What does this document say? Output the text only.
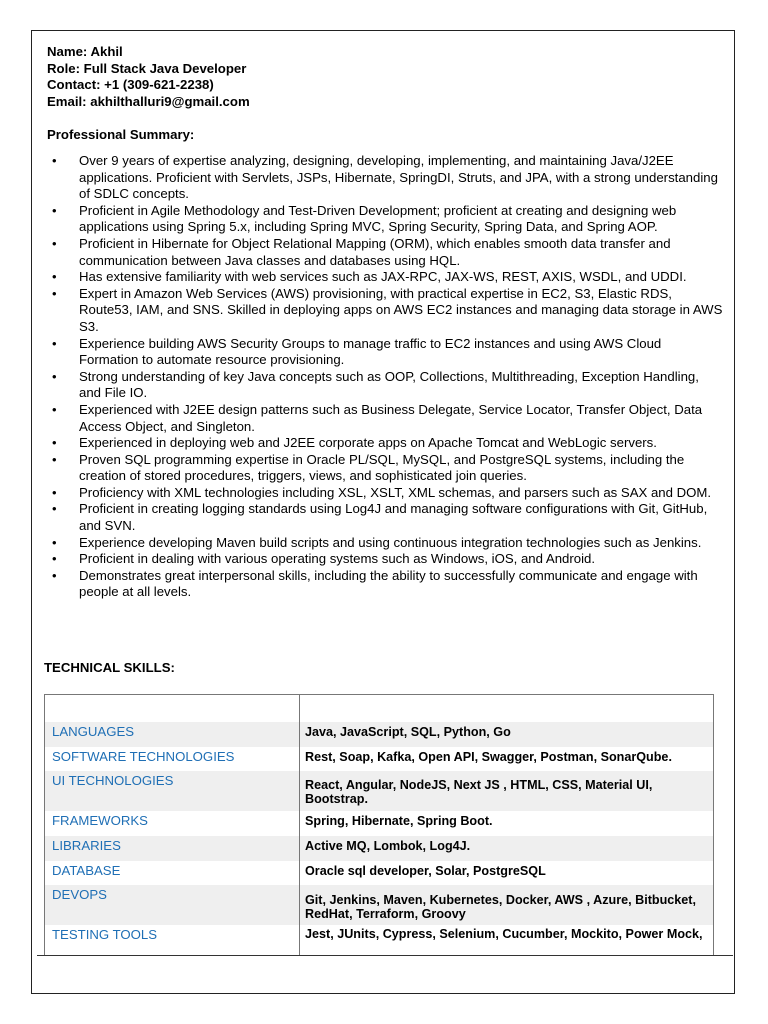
Name: Akhil
Role: Full Stack Java Developer
Contact: +1 (309-621-2238)
Email: akhilthalluri9@gmail.com
Professional Summary:
• Over 9 years of expertise analyzing, designing, developing, implementing, and maintaining Java/J2EE applications. Proficient with Servlets, JSPs, Hibernate, SpringDI, Struts, and JPA, with a strong understanding of SDLC concepts.
• Proficient in Agile Methodology and Test-Driven Development; proficient at creating and designing web applications using Spring 5.x, including Spring MVC, Spring Security, Spring Data, and Spring AOP.
• Proficient in Hibernate for Object Relational Mapping (ORM), which enables smooth data transfer and communication between Java classes and databases using HQL.
• Has extensive familiarity with web services such as JAX-RPC, JAX-WS, REST, AXIS, WSDL, and UDDI.
• Expert in Amazon Web Services (AWS) provisioning, with practical expertise in EC2, S3, Elastic RDS, Route53, IAM, and SNS. Skilled in deploying apps on AWS EC2 instances and managing data storage in AWS S3.
• Experience building AWS Security Groups to manage traffic to EC2 instances and using AWS Cloud Formation to automate resource provisioning.
• Strong understanding of key Java concepts such as OOP, Collections, Multithreading, Exception Handling, and File IO.
• Experienced with J2EE design patterns such as Business Delegate, Service Locator, Transfer Object, Data Access Object, and Singleton.
• Experienced in deploying web and J2EE corporate apps on Apache Tomcat and WebLogic servers.
• Proven SQL programming expertise in Oracle PL/SQL, MySQL, and PostgreSQL systems, including the creation of stored procedures, triggers, views, and sophisticated join queries.
• Proficiency with XML technologies including XSL, XSLT, XML schemas, and parsers such as SAX and DOM.
• Proficient in creating logging standards using Log4J and managing software configurations with Git, GitHub, and SVN.
• Experience developing Maven build scripts and using continuous integration technologies such as Jenkins.
• Proficient in dealing with various operating systems such as Windows, iOS, and Android.
• Demonstrates great interpersonal skills, including the ability to successfully communicate and engage with people at all levels.
TECHNICAL SKILLS:
LANGUAGES	Java, JavaScript, SQL, Python, Go
SOFTWARE TECHNOLOGIES	Rest, Soap, Kafka, Open API, Swagger, Postman, SonarQube.
UI TECHNOLOGIES	React, Angular, NodeJS, Next JS , HTML, CSS, Material UI, Bootstrap.
FRAMEWORKS	Spring, Hibernate, Spring Boot.
LIBRARIES	Active MQ, Lombok, Log4J.
DATABASE	Oracle sql developer, Solar, PostgreSQL
DEVOPS	Git, Jenkins, Maven, Kubernetes, Docker, AWS , Azure, Bitbucket, RedHat, Terraform, Groovy
TESTING TOOLS	Jest, JUnits, Cypress, Selenium, Cucumber, Mockito, Power Mock,
